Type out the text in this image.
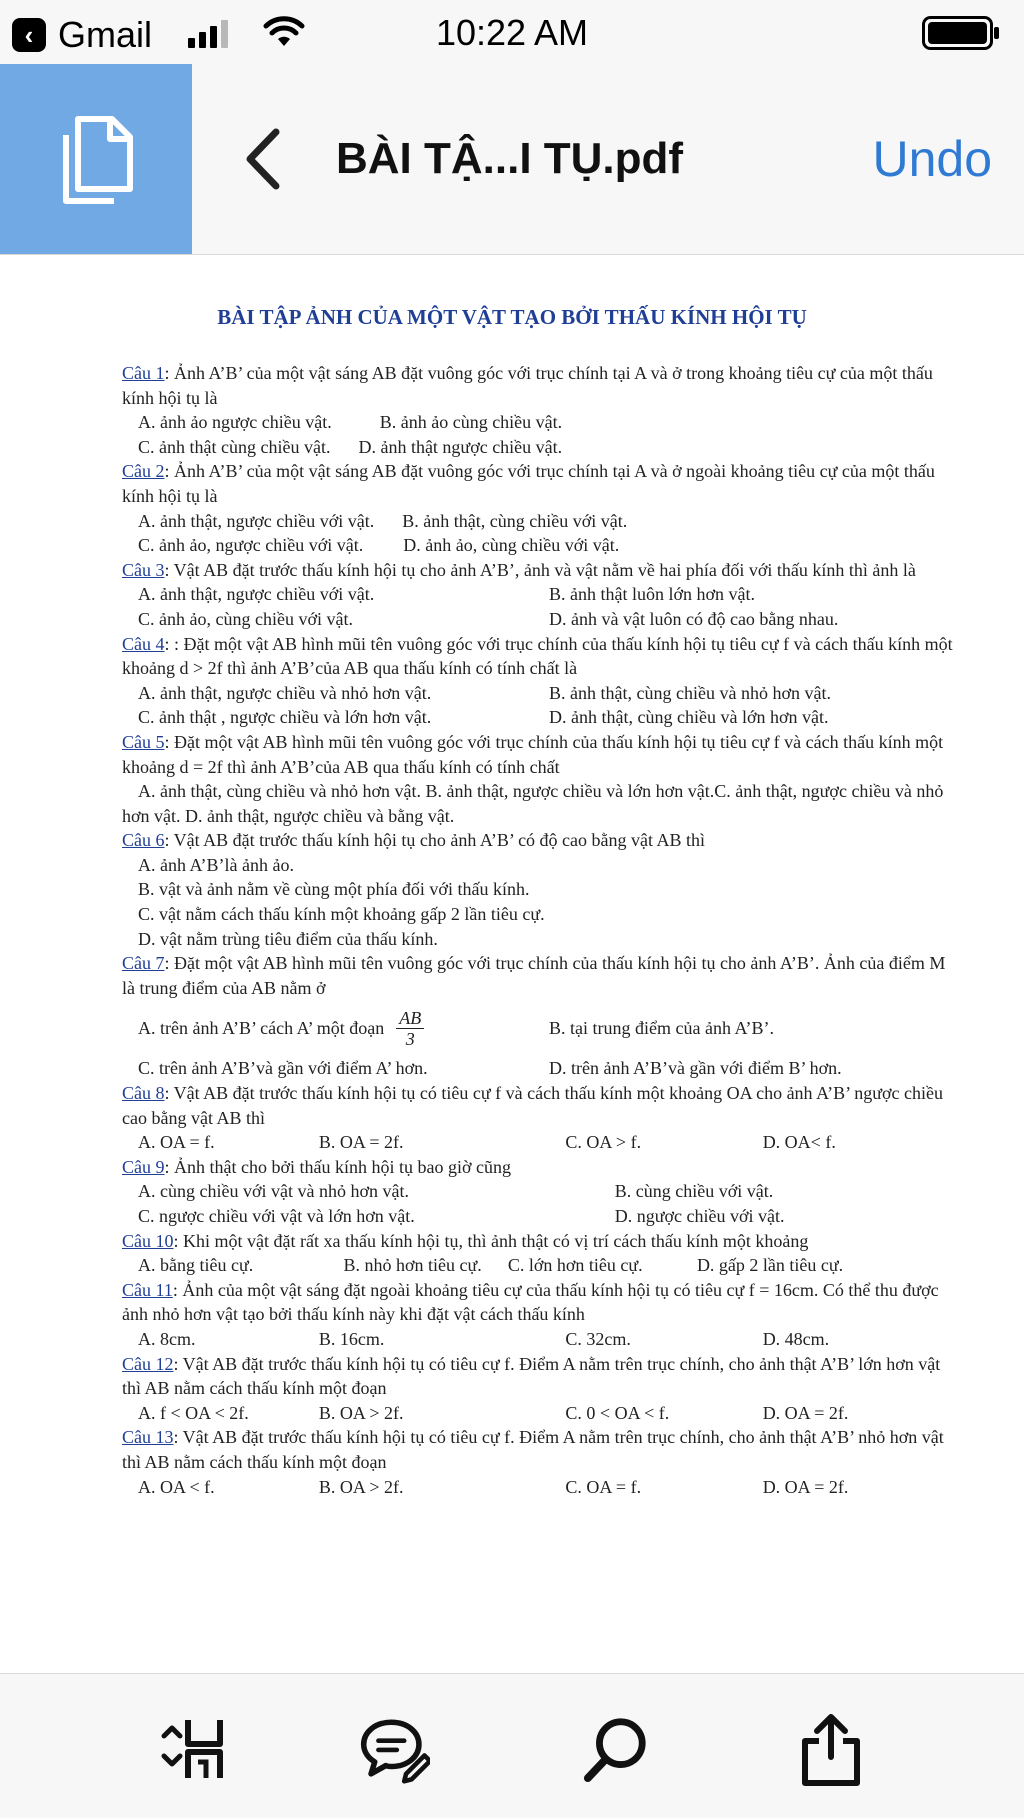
‹ Gmail	10:22 AM
BÀI TẬ...I TỤ.pdf	Undo
BÀI TẬP ẢNH CỦA MỘT VẬT TẠO BỞI THẤU KÍNH HỘI TỤ

Câu 1: Ảnh A’B’ của một vật sáng AB đặt vuông góc với trục chính tại A và ở trong khoảng tiêu cự của một thấu kính hội tụ là

A. ảnh ảo ngược chiều vật.	B. ảnh ảo cùng chiều vật.
C. ảnh thật cùng chiều vật. D. ảnh thật ngược chiều vật.

Câu 2: Ảnh A’B’ của một vật sáng AB đặt vuông góc với trục chính tại A và ở ngoài khoảng tiêu cự của một thấu kính hội tụ là

A. ảnh thật, ngược chiều với vật. B. ảnh thật, cùng chiều với vật.
C. ảnh ảo, ngược chiều với vật. D. ảnh ảo, cùng chiều với vật.

Câu 3: Vật AB đặt trước thấu kính hội tụ cho ảnh A’B’, ảnh và vật nằm về hai phía đối với thấu kính thì ảnh là

A. ảnh thật, ngược chiều với vật.	B. ảnh thật luôn lớn hơn vật.
C. ảnh ảo, cùng chiều với vật.	D. ảnh và vật luôn có độ cao bằng nhau.

Câu 4: : Đặt một vật AB hình mũi tên vuông góc với trục chính của thấu kính hội tụ tiêu cự f và cách thấu kính một khoảng d > 2f thì ảnh A’B’của AB qua thấu kính có tính chất là

A. ảnh thật, ngược chiều và nhỏ hơn vật.	B. ảnh thật, cùng chiều và nhỏ hơn vật.
C. ảnh thật , ngược chiều và lớn hơn vật.	D. ảnh thật, cùng chiều và lớn hơn vật.

Câu 5: Đặt một vật AB hình mũi tên vuông góc với trục chính của thấu kính hội tụ tiêu cự f và cách thấu kính một khoảng d = 2f thì ảnh A’B’của AB qua thấu kính có tính chất

A. ảnh thật, cùng chiều và nhỏ hơn vật. B. ảnh thật, ngược chiều và lớn hơn vật.C. ảnh thật, ngược chiều và nhỏ hơn vật. D. ảnh thật, ngược chiều và bằng vật.

Câu 6: Vật AB đặt trước thấu kính hội tụ cho ảnh A’B’ có độ cao bằng vật AB thì

A. ảnh A’B’là ảnh ảo.
B. vật và ảnh nằm về cùng một phía đối với thấu kính.
C. vật nằm cách thấu kính một khoảng gấp 2 lần tiêu cự.
D. vật nằm trùng tiêu điểm của thấu kính.

Câu 7: Đặt một vật AB hình mũi tên vuông góc với trục chính của thấu kính hội tụ cho ảnh A’B’. Ảnh của điểm M là trung điểm của AB nằm ở

A. trên ảnh A’B’ cách A’ một đoạn $\frac{AB}{3}$	B. tại trung điểm của ảnh A’B’.
C. trên ảnh A’B’và gần với điểm A’ hơn.	D. trên ảnh A’B’và gần với điểm B’ hơn.

Câu 8: Vật AB đặt trước thấu kính hội tụ có tiêu cự f và cách thấu kính một khoảng OA cho ảnh A’B’ ngược chiều cao bằng vật AB thì

A. OA = f.	B. OA = 2f.	C. OA > f.	D. OA< f.

Câu 9: Ảnh thật cho bởi thấu kính hội tụ bao giờ cũng

A. cùng chiều với vật và nhỏ hơn vật.	B. cùng chiều với vật.
C. ngược chiều với vật và lớn hơn vật.	D. ngược chiều với vật.

Câu 10: Khi một vật đặt rất xa thấu kính hội tụ, thì ảnh thật có vị trí cách thấu kính một khoảng

A. bằng tiêu cự.	B. nhỏ hơn tiêu cự.	C. lớn hơn tiêu cự.	D. gấp 2 lần tiêu cự.

Câu 11: Ảnh của một vật sáng đặt ngoài khoảng tiêu cự của thấu kính hội tụ có tiêu cự f = 16cm. Có thể thu được ảnh nhỏ hơn vật tạo bởi thấu kính này khi đặt vật cách thấu kính

A. 8cm.	B. 16cm.	C. 32cm.	D. 48cm.

Câu 12: Vật AB đặt trước thấu kính hội tụ có tiêu cự f. Điểm A nằm trên trục chính, cho ảnh thật A’B’ lớn hơn vật thì AB nằm cách thấu kính một đoạn

A. f < OA < 2f.	B. OA > 2f.	C. 0 < OA < f.	D. OA = 2f.

Câu 13: Vật AB đặt trước thấu kính hội tụ có tiêu cự f. Điểm A nằm trên trục chính, cho ảnh thật A’B’ nhỏ hơn vật thì AB nằm cách thấu kính một đoạn

A. OA < f.	B. OA > 2f.	C. OA = f.	D. OA = 2f.
